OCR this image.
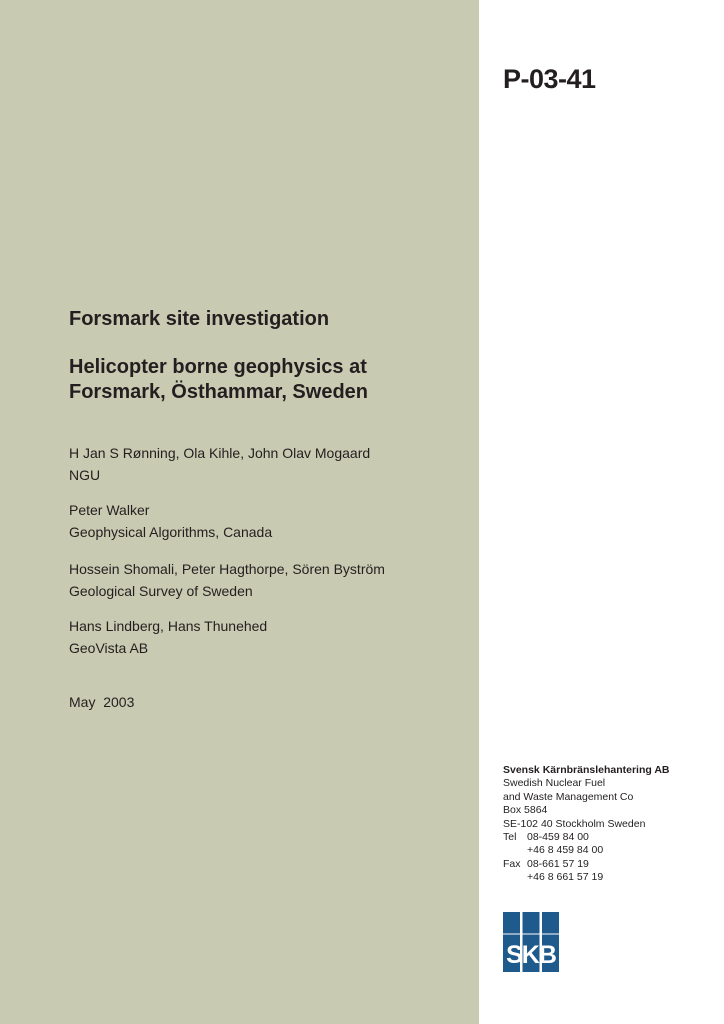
P-03-41
Forsmark site investigation
Helicopter borne geophysics at
Forsmark, Östhammar, Sweden
H Jan S Rønning, Ola Kihle, John Olav Mogaard
NGU
Peter Walker
Geophysical Algorithms, Canada
Hossein Shomali, Peter Hagthorpe, Sören Byström
Geological Survey of Sweden
Hans Lindberg, Hans Thunehed
GeoVista AB
May  2003
Svensk Kärnbränslehantering AB
Swedish Nuclear Fuel
and Waste Management Co
Box 5864
SE-102 40 Stockholm Sweden
Tel	08-459 84 00
+46 8 459 84 00
Fax 08-661 57 19
+46 8 661 57 19
SKB
